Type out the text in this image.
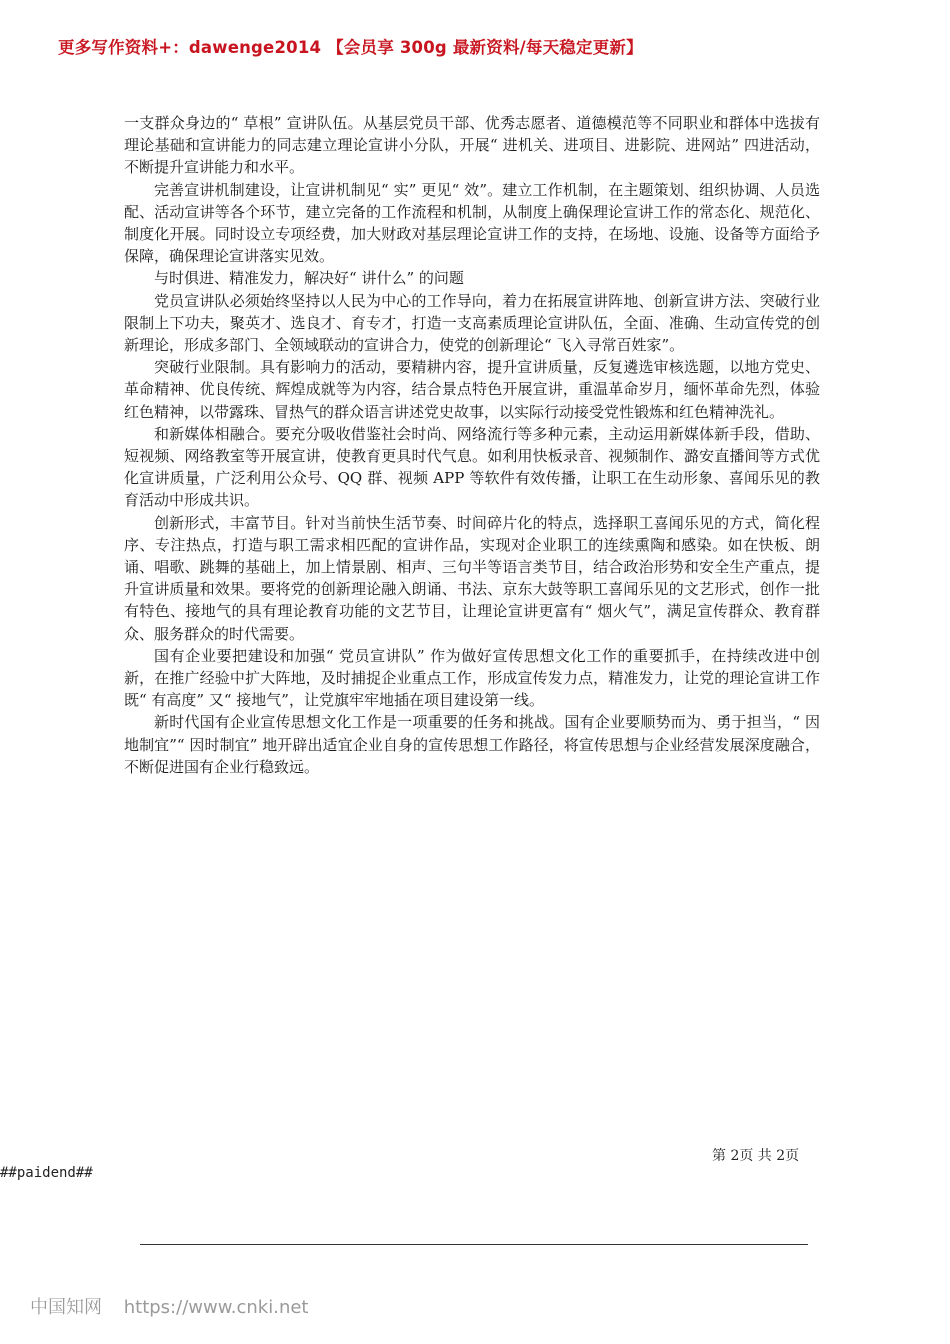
更多写作资料+：dawenge2014 【会员享 300g 最新资料/每天稳定更新】

一支群众身边的“ 草根” 宣讲队伍。从基层党员干部、优秀志愿者、道德模范等不同职业和群体中选拔有理论基础和宣讲能力的同志建立理论宣讲小分队，开展“ 进机关、进项目、进影院、进网站” 四进活动，不断提升宣讲能力和水平。

完善宣讲机制建设，让宣讲机制见“ 实” 更见“ 效”。建立工作机制，在主题策划、组织协调、人员选配、活动宣讲等各个环节，建立完备的工作流程和机制，从制度上确保理论宣讲工作的常态化、规范化、制度化开展。同时设立专项经费，加大财政对基层理论宣讲工作的支持，在场地、设施、设备等方面给予保障，确保理论宣讲落实见效。

与时俱进、精准发力，解决好“ 讲什么” 的问题

党员宣讲队必须始终坚持以人民为中心的工作导向，着力在拓展宣讲阵地、创新宣讲方法、突破行业限制上下功夫，聚英才、选良才、育专才，打造一支高素质理论宣讲队伍，全面、准确、生动宣传党的创新理论，形成多部门、全领域联动的宣讲合力，使党的创新理论“ 飞入寻常百姓家”。

突破行业限制。具有影响力的活动，要精耕内容，提升宣讲质量，反复遴选审核选题，以地方党史、革命精神、优良传统、辉煌成就等为内容，结合景点特色开展宣讲，重温革命岁月，缅怀革命先烈，体验红色精神，以带露珠、冒热气的群众语言讲述党史故事，以实际行动接受党性锻炼和红色精神洗礼。

和新媒体相融合。要充分吸收借鉴社会时尚、网络流行等多种元素，主动运用新媒体新手段，借助、短视频、网络教室等开展宣讲，使教育更具时代气息。如利用快板录音、视频制作、潞安直播间等方式优化宣讲质量，广泛利用公众号、QQ 群、视频 APP 等软件有效传播，让职工在生动形象、喜闻乐见的教育活动中形成共识。

创新形式，丰富节目。针对当前快生活节奏、时间碎片化的特点，选择职工喜闻乐见的方式，简化程序、专注热点，打造与职工需求相匹配的宣讲作品，实现对企业职工的连续熏陶和感染。如在快板、朗诵、唱歌、跳舞的基础上，加上情景剧、相声、三句半等语言类节目，结合政治形势和安全生产重点，提升宣讲质量和效果。要将党的创新理论融入朗诵、书法、京东大鼓等职工喜闻乐见的文艺形式，创作一批有特色、接地气的具有理论教育功能的文艺节目，让理论宣讲更富有“ 烟火气”，满足宣传群众、教育群众、服务群众的时代需要。

国有企业要把建设和加强“ 党员宣讲队” 作为做好宣传思想文化工作的重要抓手，在持续改进中创新，在推广经验中扩大阵地，及时捕捉企业重点工作，形成宣传发力点，精准发力，让党的理论宣讲工作既“ 有高度” 又“ 接地气”，让党旗牢牢地插在项目建设第一线。

新时代国有企业宣传思想文化工作是一项重要的任务和挑战。国有企业要顺势而为、勇于担当，“ 因地制宜”“ 因时制宜” 地开辟出适宜企业自身的宣传思想工作路径，将宣传思想与企业经营发展深度融合，不断促进国有企业行稳致远。

第 2页 共 2页
##paidend##
中国知网 https://www.cnki.net
